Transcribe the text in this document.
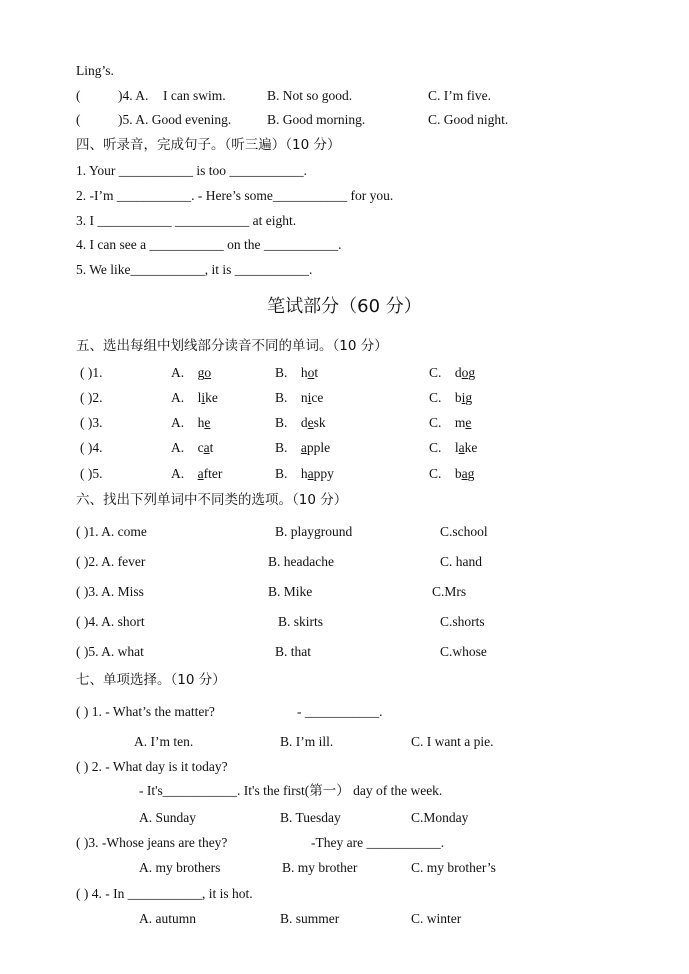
Ling’s.
(	)4. A. I can swim.	B. Not so good.	C. I’m five.
(	)5. A. Good evening.	B. Good morning.	C. Good night.
四、听录音，完成句子。（听三遍）（10 分）
1. Your ___________ is too ___________.
2. -I’m ___________. - Here’s some___________ for you.
3. I ___________ ___________ at eight.
4. I can see a ___________ on the ___________.
5. We like___________, it is ___________.
笔试部分（60 分）
五、选出每组中划线部分读音不同的单词。（10 分）
( )1.	A. go	B. hot	C. dog
( )2.	A. like	B. nice	C. big
( )3.	A. he	B. desk	C. me
( )4.	A. cat	B. apple	C. lake
( )5.	A. after	B. happy	C. bag
六、找出下列单词中不同类的选项。（10 分）
( )1. A. come	B. playground	C.school
( )2. A. fever	B. headache	C. hand
( )3. A. Miss	B. Mike	C.Mrs
( )4. A. short	B. skirts	C.shorts
( )5. A. what	B. that	C.whose
七、单项选择。（10 分）
( ) 1. - What’s the matter?	- ___________.
A. I’m ten.	B. I’m ill.	C. I want a pie.
( ) 2. - What day is it today?
- It's___________. It's the first(第一） day of the week.
A. Sunday	B. Tuesday	C.Monday
( )3. -Whose jeans are they?	-They are ___________.
A. my brothers	B. my brother	C. my brother’s
( ) 4. - In ___________, it is hot.
A. autumn	B. summer	C. winter
